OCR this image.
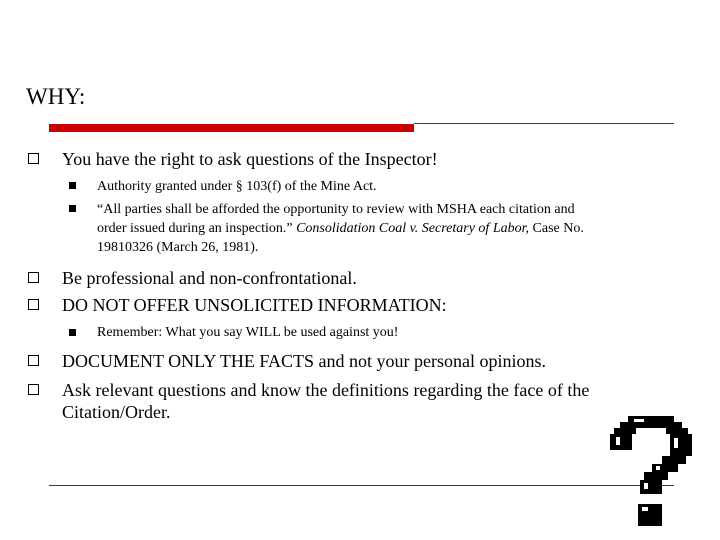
WHY:
You have the right to ask questions of the Inspector!
Authority granted under § 103(f) of the Mine Act.
“All parties shall be afforded the opportunity to review with MSHA each citation and
order issued during an inspection.” Consolidation Coal v. Secretary of Labor, Case No.
19810326 (March 26, 1981).
Be professional and non-confrontational.
DO NOT OFFER UNSOLICITED INFORMATION:
Remember: What you say WILL be used against you!
DOCUMENT ONLY THE FACTS and not your personal opinions.
Ask relevant questions and know the definitions regarding the face of the
Citation/Order.
